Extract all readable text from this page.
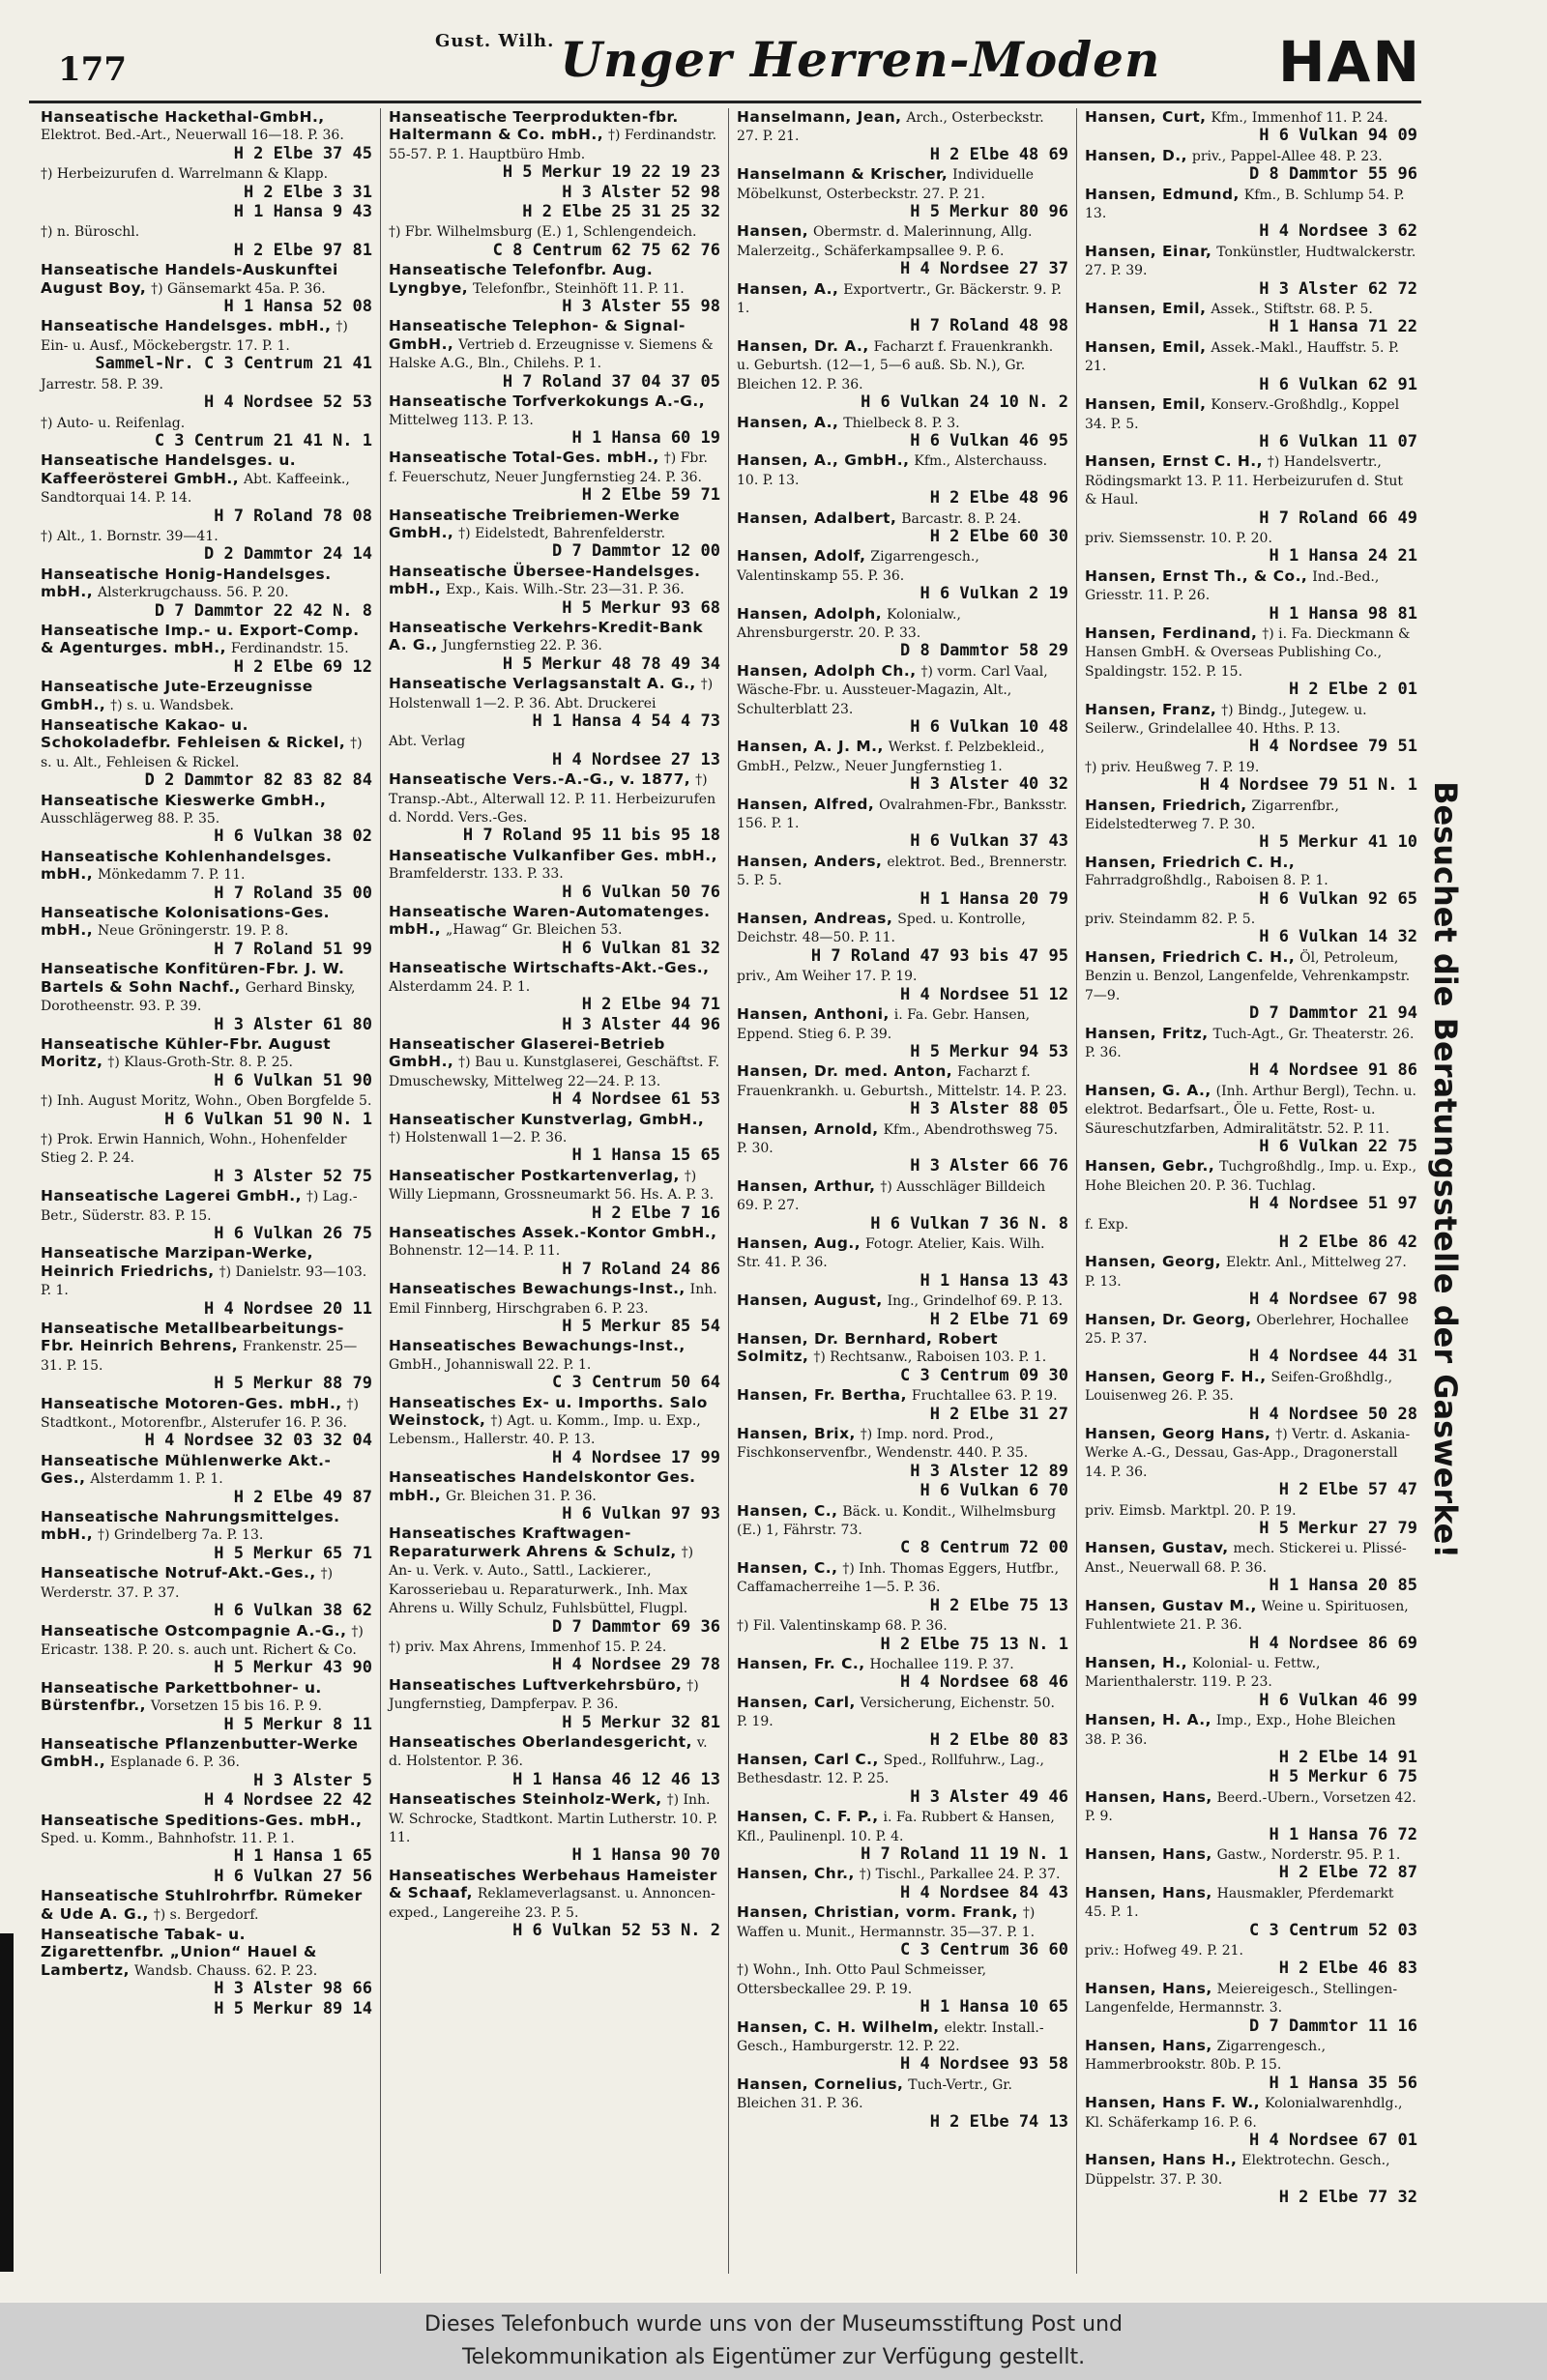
177
$^{Gust. Wilh.}$ Unger Herren-Moden HAN
Hanseatische Hackethal-GmbH., Elektrot. Bed.-Art., Neuerwall 16—18. P. 36.
H 2 Elbe 37 45
†) Herbeizurufen d. Warrelmann & Klapp.
H 2 Elbe 3 31
H 1 Hansa 9 43
†) n. Büroschl.
H 2 Elbe 97 81
Hanseatische Handels-Auskunftei August Boy, †) Gänsemarkt 45a. P. 36.
H 1 Hansa 52 08
Hanseatische Handelsges. mbH., †) Ein- u. Ausf., Möckebergstr. 17. P. 1.
Sammel-Nr. C 3 Centrum 21 41
Jarrestr. 58. P. 39.
H 4 Nordsee 52 53
†) Auto- u. Reifenlag.
C 3 Centrum 21 41 N. 1
Hanseatische Handelsges. u. Kaffeerösterei GmbH., Abt. Kaffeeink., Sandtorquai 14. P. 14.
H 7 Roland 78 08
†) Alt., 1. Bornstr. 39—41.
D 2 Dammtor 24 14
Hanseatische Honig-Handelsges. mbH., Alsterkrugchauss. 56. P. 20.
D 7 Dammtor 22 42 N. 8
Hanseatische Imp.- u. Export-Comp. & Agenturges. mbH., Ferdinandstr. 15.
H 2 Elbe 69 12
Hanseatische Jute-Erzeugnisse GmbH., †) s. u. Wandsbek.
Hanseatische Kakao- u. Schokoladefbr. Fehleisen & Rickel, †) s. u. Alt., Fehleisen & Rickel.
D 2 Dammtor 82 83 82 84
Hanseatische Kieswerke GmbH., Ausschlägerweg 88. P. 35.
H 6 Vulkan 38 02
Hanseatische Kohlenhandelsges. mbH., Mönkedamm 7. P. 11.
H 7 Roland 35 00
Hanseatische Kolonisations-Ges. mbH., Neue Gröningerstr. 19. P. 8.
H 7 Roland 51 99
Hanseatische Konfitüren-Fbr. J. W. Bartels & Sohn Nachf., Gerhard Binsky, Dorotheenstr. 93. P. 39.
H 3 Alster 61 80
Hanseatische Kühler-Fbr. August Moritz, †) Klaus-Groth-Str. 8. P. 25.
H 6 Vulkan 51 90
†) Inh. August Moritz, Wohn., Oben Borgfelde 5.
H 6 Vulkan 51 90 N. 1
†) Prok. Erwin Hannich, Wohn., Hohenfelder Stieg 2. P. 24.
H 3 Alster 52 75
Hanseatische Lagerei GmbH., †) Lag.-Betr., Süderstr. 83. P. 15.
H 6 Vulkan 26 75
Hanseatische Marzipan-Werke, Heinrich Friedrichs, †) Danielstr. 93—103. P. 1.
H 4 Nordsee 20 11
Hanseatische Metallbearbeitungs-Fbr. Heinrich Behrens, Frankenstr. 25—31. P. 15.
H 5 Merkur 88 79
Hanseatische Motoren-Ges. mbH., †) Stadtkont., Motorenfbr., Alsterufer 16. P. 36.
H 4 Nordsee 32 03 32 04
Hanseatische Mühlenwerke Akt.-Ges., Alsterdamm 1. P. 1.
H 2 Elbe 49 87
Hanseatische Nahrungsmittelges. mbH., †) Grindelberg 7a. P. 13.
H 5 Merkur 65 71
Hanseatische Notruf-Akt.-Ges., †) Werderstr. 37. P. 37.
H 6 Vulkan 38 62
Hanseatische Ostcompagnie A.-G., †) Ericastr. 138. P. 20. s. auch unt. Richert & Co.
H 5 Merkur 43 90
Hanseatische Parkettbohner- u. Bürstenfbr., Vorsetzen 15 bis 16. P. 9.
H 5 Merkur 8 11
Hanseatische Pflanzenbutter-Werke GmbH., Esplanade 6. P. 36.
H 3 Alster 5
H 4 Nordsee 22 42
Hanseatische Speditions-Ges. mbH., Sped. u. Komm., Bahnhofstr. 11. P. 1.
H 1 Hansa 1 65
H 6 Vulkan 27 56
Hanseatische Stuhlrohrfbr. Rümeker & Ude A. G., †) s. Bergedorf.
Hanseatische Tabak- u. Zigarettenfbr. „Union“ Hauel & Lambertz, Wandsb. Chauss. 62. P. 23.
H 3 Alster 98 66
H 5 Merkur 89 14
Hanseatische Teerprodukten-fbr. Haltermann & Co. mbH., †) Ferdinandstr. 55-57. P. 1. Hauptbüro Hmb.
H 5 Merkur 19 22 19 23
H 3 Alster 52 98
H 2 Elbe 25 31 25 32
†) Fbr. Wilhelmsburg (E.) 1, Schlengendeich.
C 8 Centrum 62 75 62 76
Hanseatische Telefonfbr. Aug. Lyngbye, Telefonfbr., Steinhöft 11. P. 11.
H 3 Alster 55 98
Hanseatische Telephon- & Signal-GmbH., Vertrieb d. Erzeugnisse v. Siemens & Halske A.G., Bln., Chilehs. P. 1.
H 7 Roland 37 04 37 05
Hanseatische Torfverkokungs A.-G., Mittelweg 113. P. 13.
H 1 Hansa 60 19
Hanseatische Total-Ges. mbH., †) Fbr. f. Feuerschutz, Neuer Jungfernstieg 24. P. 36.
H 2 Elbe 59 71
Hanseatische Treibriemen-Werke GmbH., †) Eidelstedt, Bahrenfelderstr.
D 7 Dammtor 12 00
Hanseatische Übersee-Handelsges. mbH., Exp., Kais. Wilh.-Str. 23—31. P. 36.
H 5 Merkur 93 68
Hanseatische Verkehrs-Kredit-Bank A. G., Jungfernstieg 22. P. 36.
H 5 Merkur 48 78 49 34
Hanseatische Verlagsanstalt A. G., †) Holstenwall 1—2. P. 36. Abt. Druckerei
H 1 Hansa 4 54 4 73
Abt. Verlag
H 4 Nordsee 27 13
Hanseatische Vers.-A.-G., v. 1877, †) Transp.-Abt., Alterwall 12. P. 11. Herbeizurufen d. Nordd. Vers.-Ges.
H 7 Roland 95 11 bis 95 18
Hanseatische Vulkanfiber Ges. mbH., Bramfelderstr. 133. P. 33.
H 6 Vulkan 50 76
Hanseatische Waren-Automatenges. mbH., „Hawag“ Gr. Bleichen 53.
H 6 Vulkan 81 32
Hanseatische Wirtschafts-Akt.-Ges., Alsterdamm 24. P. 1.
H 2 Elbe 94 71
H 3 Alster 44 96
Hanseatischer Glaserei-Betrieb GmbH., †) Bau u. Kunstglaserei, Geschäftst. F. Dmuschewsky, Mittelweg 22—24. P. 13.
H 4 Nordsee 61 53
Hanseatischer Kunstverlag, GmbH., †) Holstenwall 1—2. P. 36.
H 1 Hansa 15 65
Hanseatischer Postkartenverlag, †) Willy Liepmann, Grossneumarkt 56. Hs. A. P. 3.
H 2 Elbe 7 16
Hanseatisches Assek.-Kontor GmbH., Bohnenstr. 12—14. P. 11.
H 7 Roland 24 86
Hanseatisches Bewachungs-Inst., Inh. Emil Finnberg, Hirschgraben 6. P. 23.
H 5 Merkur 85 54
Hanseatisches Bewachungs-Inst., GmbH., Johanniswall 22. P. 1.
C 3 Centrum 50 64
Hanseatisches Ex- u. Imporths. Salo Weinstock, †) Agt. u. Komm., Imp. u. Exp., Lebensm., Hallerstr. 40. P. 13.
H 4 Nordsee 17 99
Hanseatisches Handelskontor Ges. mbH., Gr. Bleichen 31. P. 36.
H 6 Vulkan 97 93
Hanseatisches Kraftwagen-Reparaturwerk Ahrens & Schulz, †) An- u. Verk. v. Auto., Sattl., Lackierer., Karosseriebau u. Reparaturwerk., Inh. Max Ahrens u. Willy Schulz, Fuhlsbüttel, Flugpl.
D 7 Dammtor 69 36
†) priv. Max Ahrens, Immenhof 15. P. 24.
H 4 Nordsee 29 78
Hanseatisches Luftverkehrsbüro, †) Jungfernstieg, Dampferpav. P. 36.
H 5 Merkur 32 81
Hanseatisches Oberlandesgericht, v. d. Holstentor. P. 36.
H 1 Hansa 46 12 46 13
Hanseatisches Steinholz-Werk, †) Inh. W. Schrocke, Stadtkont. Martin Lutherstr. 10. P. 11.
H 1 Hansa 90 70
Hanseatisches Werbehaus Hameister & Schaaf, Reklameverlagsanst. u. Annoncen-exped., Langereihe 23. P. 5.
H 6 Vulkan 52 53 N. 2
Hanselmann, Jean, Arch., Osterbeckstr. 27. P. 21.
H 2 Elbe 48 69
Hanselmann & Krischer, Individuelle Möbelkunst, Osterbeckstr. 27. P. 21.
H 5 Merkur 80 96
Hansen, Obermstr. d. Malerinnung, Allg. Malerzeitg., Schäferkampsallee 9. P. 6.
H 4 Nordsee 27 37
Hansen, A., Exportvertr., Gr. Bäckerstr. 9. P. 1.
H 7 Roland 48 98
Hansen, Dr. A., Facharzt f. Frauenkrankh. u. Geburtsh. (12—1, 5—6 auß. Sb. N.), Gr. Bleichen 12. P. 36.
H 6 Vulkan 24 10 N. 2
Hansen, A., Thielbeck 8. P. 3.
H 6 Vulkan 46 95
Hansen, A., GmbH., Kfm., Alsterchauss. 10. P. 13.
H 2 Elbe 48 96
Hansen, Adalbert, Barcastr. 8. P. 24.
H 2 Elbe 60 30
Hansen, Adolf, Zigarrengesch., Valentinskamp 55. P. 36.
H 6 Vulkan 2 19
Hansen, Adolph, Kolonialw., Ahrensburgerstr. 20. P. 33.
D 8 Dammtor 58 29
Hansen, Adolph Ch., †) vorm. Carl Vaal, Wäsche-Fbr. u. Aussteuer-Magazin, Alt., Schulterblatt 23.
H 6 Vulkan 10 48
Hansen, A. J. M., Werkst. f. Pelzbekleid., GmbH., Pelzw., Neuer Jungfernstieg 1.
H 3 Alster 40 32
Hansen, Alfred, Ovalrahmen-Fbr., Banksstr. 156. P. 1.
H 6 Vulkan 37 43
Hansen, Anders, elektrot. Bed., Brennerstr. 5. P. 5.
H 1 Hansa 20 79
Hansen, Andreas, Sped. u. Kontrolle, Deichstr. 48—50. P. 11.
H 7 Roland 47 93 bis 47 95
priv., Am Weiher 17. P. 19.
H 4 Nordsee 51 12
Hansen, Anthoni, i. Fa. Gebr. Hansen, Eppend. Stieg 6. P. 39.
H 5 Merkur 94 53
Hansen, Dr. med. Anton, Facharzt f. Frauenkrankh. u. Geburtsh., Mittelstr. 14. P. 23.
H 3 Alster 88 05
Hansen, Arnold, Kfm., Abendrothsweg 75. P. 30.
H 3 Alster 66 76
Hansen, Arthur, †) Ausschläger Billdeich 69. P. 27.
H 6 Vulkan 7 36 N. 8
Hansen, Aug., Fotogr. Atelier, Kais. Wilh. Str. 41. P. 36.
H 1 Hansa 13 43
Hansen, August, Ing., Grindelhof 69. P. 13.
H 2 Elbe 71 69
Hansen, Dr. Bernhard, Robert Solmitz, †) Rechtsanw., Raboisen 103. P. 1.
C 3 Centrum 09 30
Hansen, Fr. Bertha, Fruchtallee 63. P. 19.
H 2 Elbe 31 27
Hansen, Brix, †) Imp. nord. Prod., Fischkonservenfbr., Wendenstr. 440. P. 35.
H 3 Alster 12 89
H 6 Vulkan 6 70
Hansen, C., Bäck. u. Kondit., Wilhelmsburg (E.) 1, Fährstr. 73.
C 8 Centrum 72 00
Hansen, C., †) Inh. Thomas Eggers, Hutfbr., Caffamacherreihe 1—5. P. 36.
H 2 Elbe 75 13
†) Fil. Valentinskamp 68. P. 36.
H 2 Elbe 75 13 N. 1
Hansen, Fr. C., Hochallee 119. P. 37.
H 4 Nordsee 68 46
Hansen, Carl, Versicherung, Eichenstr. 50. P. 19.
H 2 Elbe 80 83
Hansen, Carl C., Sped., Rollfuhrw., Lag., Bethesdastr. 12. P. 25.
H 3 Alster 49 46
Hansen, C. F. P., i. Fa. Rubbert & Hansen, Kfl., Paulinenpl. 10. P. 4.
H 7 Roland 11 19 N. 1
Hansen, Chr., †) Tischl., Parkallee 24. P. 37.
H 4 Nordsee 84 43
Hansen, Christian, vorm. Frank, †) Waffen u. Munit., Hermannstr. 35—37. P. 1.
C 3 Centrum 36 60
†) Wohn., Inh. Otto Paul Schmeisser, Ottersbeckallee 29. P. 19.
H 1 Hansa 10 65
Hansen, C. H. Wilhelm, elektr. Install.-Gesch., Hamburgerstr. 12. P. 22.
H 4 Nordsee 93 58
Hansen, Cornelius, Tuch-Vertr., Gr. Bleichen 31. P. 36.
H 2 Elbe 74 13
Hansen, Curt, Kfm., Immenhof 11. P. 24.
H 6 Vulkan 94 09
Hansen, D., priv., Pappel-Allee 48. P. 23.
D 8 Dammtor 55 96
Hansen, Edmund, Kfm., B. Schlump 54. P. 13.
H 4 Nordsee 3 62
Hansen, Einar, Tonkünstler, Hudtwalckerstr. 27. P. 39.
H 3 Alster 62 72
Hansen, Emil, Assek., Stiftstr. 68. P. 5.
H 1 Hansa 71 22
Hansen, Emil, Assek.-Makl., Hauffstr. 5. P. 21.
H 6 Vulkan 62 91
Hansen, Emil, Konserv.-Großhdlg., Koppel 34. P. 5.
H 6 Vulkan 11 07
Hansen, Ernst C. H., †) Handelsvertr., Rödingsmarkt 13. P. 11. Herbeizurufen d. Stut & Haul.
H 7 Roland 66 49
priv. Siemssenstr. 10. P. 20.
H 1 Hansa 24 21
Hansen, Ernst Th., & Co., Ind.-Bed., Griesstr. 11. P. 26.
H 1 Hansa 98 81
Hansen, Ferdinand, †) i. Fa. Dieckmann & Hansen GmbH. & Overseas Publishing Co., Spaldingstr. 152. P. 15.
H 2 Elbe 2 01
Hansen, Franz, †) Bindg., Jutegew. u. Seilerw., Grindelallee 40. Hths. P. 13.
H 4 Nordsee 79 51
†) priv. Heußweg 7. P. 19.
H 4 Nordsee 79 51 N. 1
Hansen, Friedrich, Zigarrenfbr., Eidelstedterweg 7. P. 30.
H 5 Merkur 41 10
Hansen, Friedrich C. H., Fahrradgroßhdlg., Raboisen 8. P. 1.
H 6 Vulkan 92 65
priv. Steindamm 82. P. 5.
H 6 Vulkan 14 32
Hansen, Friedrich C. H., Öl, Petroleum, Benzin u. Benzol, Langenfelde, Vehrenkampstr. 7—9.
D 7 Dammtor 21 94
Hansen, Fritz, Tuch-Agt., Gr. Theaterstr. 26. P. 36.
H 4 Nordsee 91 86
Hansen, G. A., (Inh. Arthur Bergl), Techn. u. elektrot. Bedarfsart., Öle u. Fette, Rost- u. Säureschutzfarben, Admiralitätstr. 52. P. 11.
H 6 Vulkan 22 75
Hansen, Gebr., Tuchgroßhdlg., Imp. u. Exp., Hohe Bleichen 20. P. 36. Tuchlag.
H 4 Nordsee 51 97
f. Exp.
H 2 Elbe 86 42
Hansen, Georg, Elektr. Anl., Mittelweg 27. P. 13.
H 4 Nordsee 67 98
Hansen, Dr. Georg, Oberlehrer, Hochallee 25. P. 37.
H 4 Nordsee 44 31
Hansen, Georg F. H., Seifen-Großhdlg., Louisenweg 26. P. 35.
H 4 Nordsee 50 28
Hansen, Georg Hans, †) Vertr. d. Askania-Werke A.-G., Dessau, Gas-App., Dragonerstall 14. P. 36.
H 2 Elbe 57 47
priv. Eimsb. Marktpl. 20. P. 19.
H 5 Merkur 27 79
Hansen, Gustav, mech. Stickerei u. Plissé-Anst., Neuerwall 68. P. 36.
H 1 Hansa 20 85
Hansen, Gustav M., Weine u. Spirituosen, Fuhlentwiete 21. P. 36.
H 4 Nordsee 86 69
Hansen, H., Kolonial- u. Fettw., Marienthalerstr. 119. P. 23.
H 6 Vulkan 46 99
Hansen, H. A., Imp., Exp., Hohe Bleichen 38. P. 36.
H 2 Elbe 14 91
H 5 Merkur 6 75
Hansen, Hans, Beerd.-Ubern., Vorsetzen 42. P. 9.
H 1 Hansa 76 72
Hansen, Hans, Gastw., Norderstr. 95. P. 1.
H 2 Elbe 72 87
Hansen, Hans, Hausmakler, Pferdemarkt 45. P. 1.
C 3 Centrum 52 03
priv.: Hofweg 49. P. 21.
H 2 Elbe 46 83
Hansen, Hans, Meiereigesch., Stellingen-Langenfelde, Hermannstr. 3.
D 7 Dammtor 11 16
Hansen, Hans, Zigarrengesch., Hammerbrookstr. 80b. P. 15.
H 1 Hansa 35 56
Hansen, Hans F. W., Kolonialwarenhdlg., Kl. Schäferkamp 16. P. 6.
H 4 Nordsee 67 01
Hansen, Hans H., Elektrotechn. Gesch., Düppelstr. 37. P. 30.
H 2 Elbe 77 32
Besuchet die Beratungsstelle der Gaswerke!
Dieses Telefonbuch wurde uns von der Museumsstiftung Post und
Telekommunikation als Eigentümer zur Verfügung gestellt.
